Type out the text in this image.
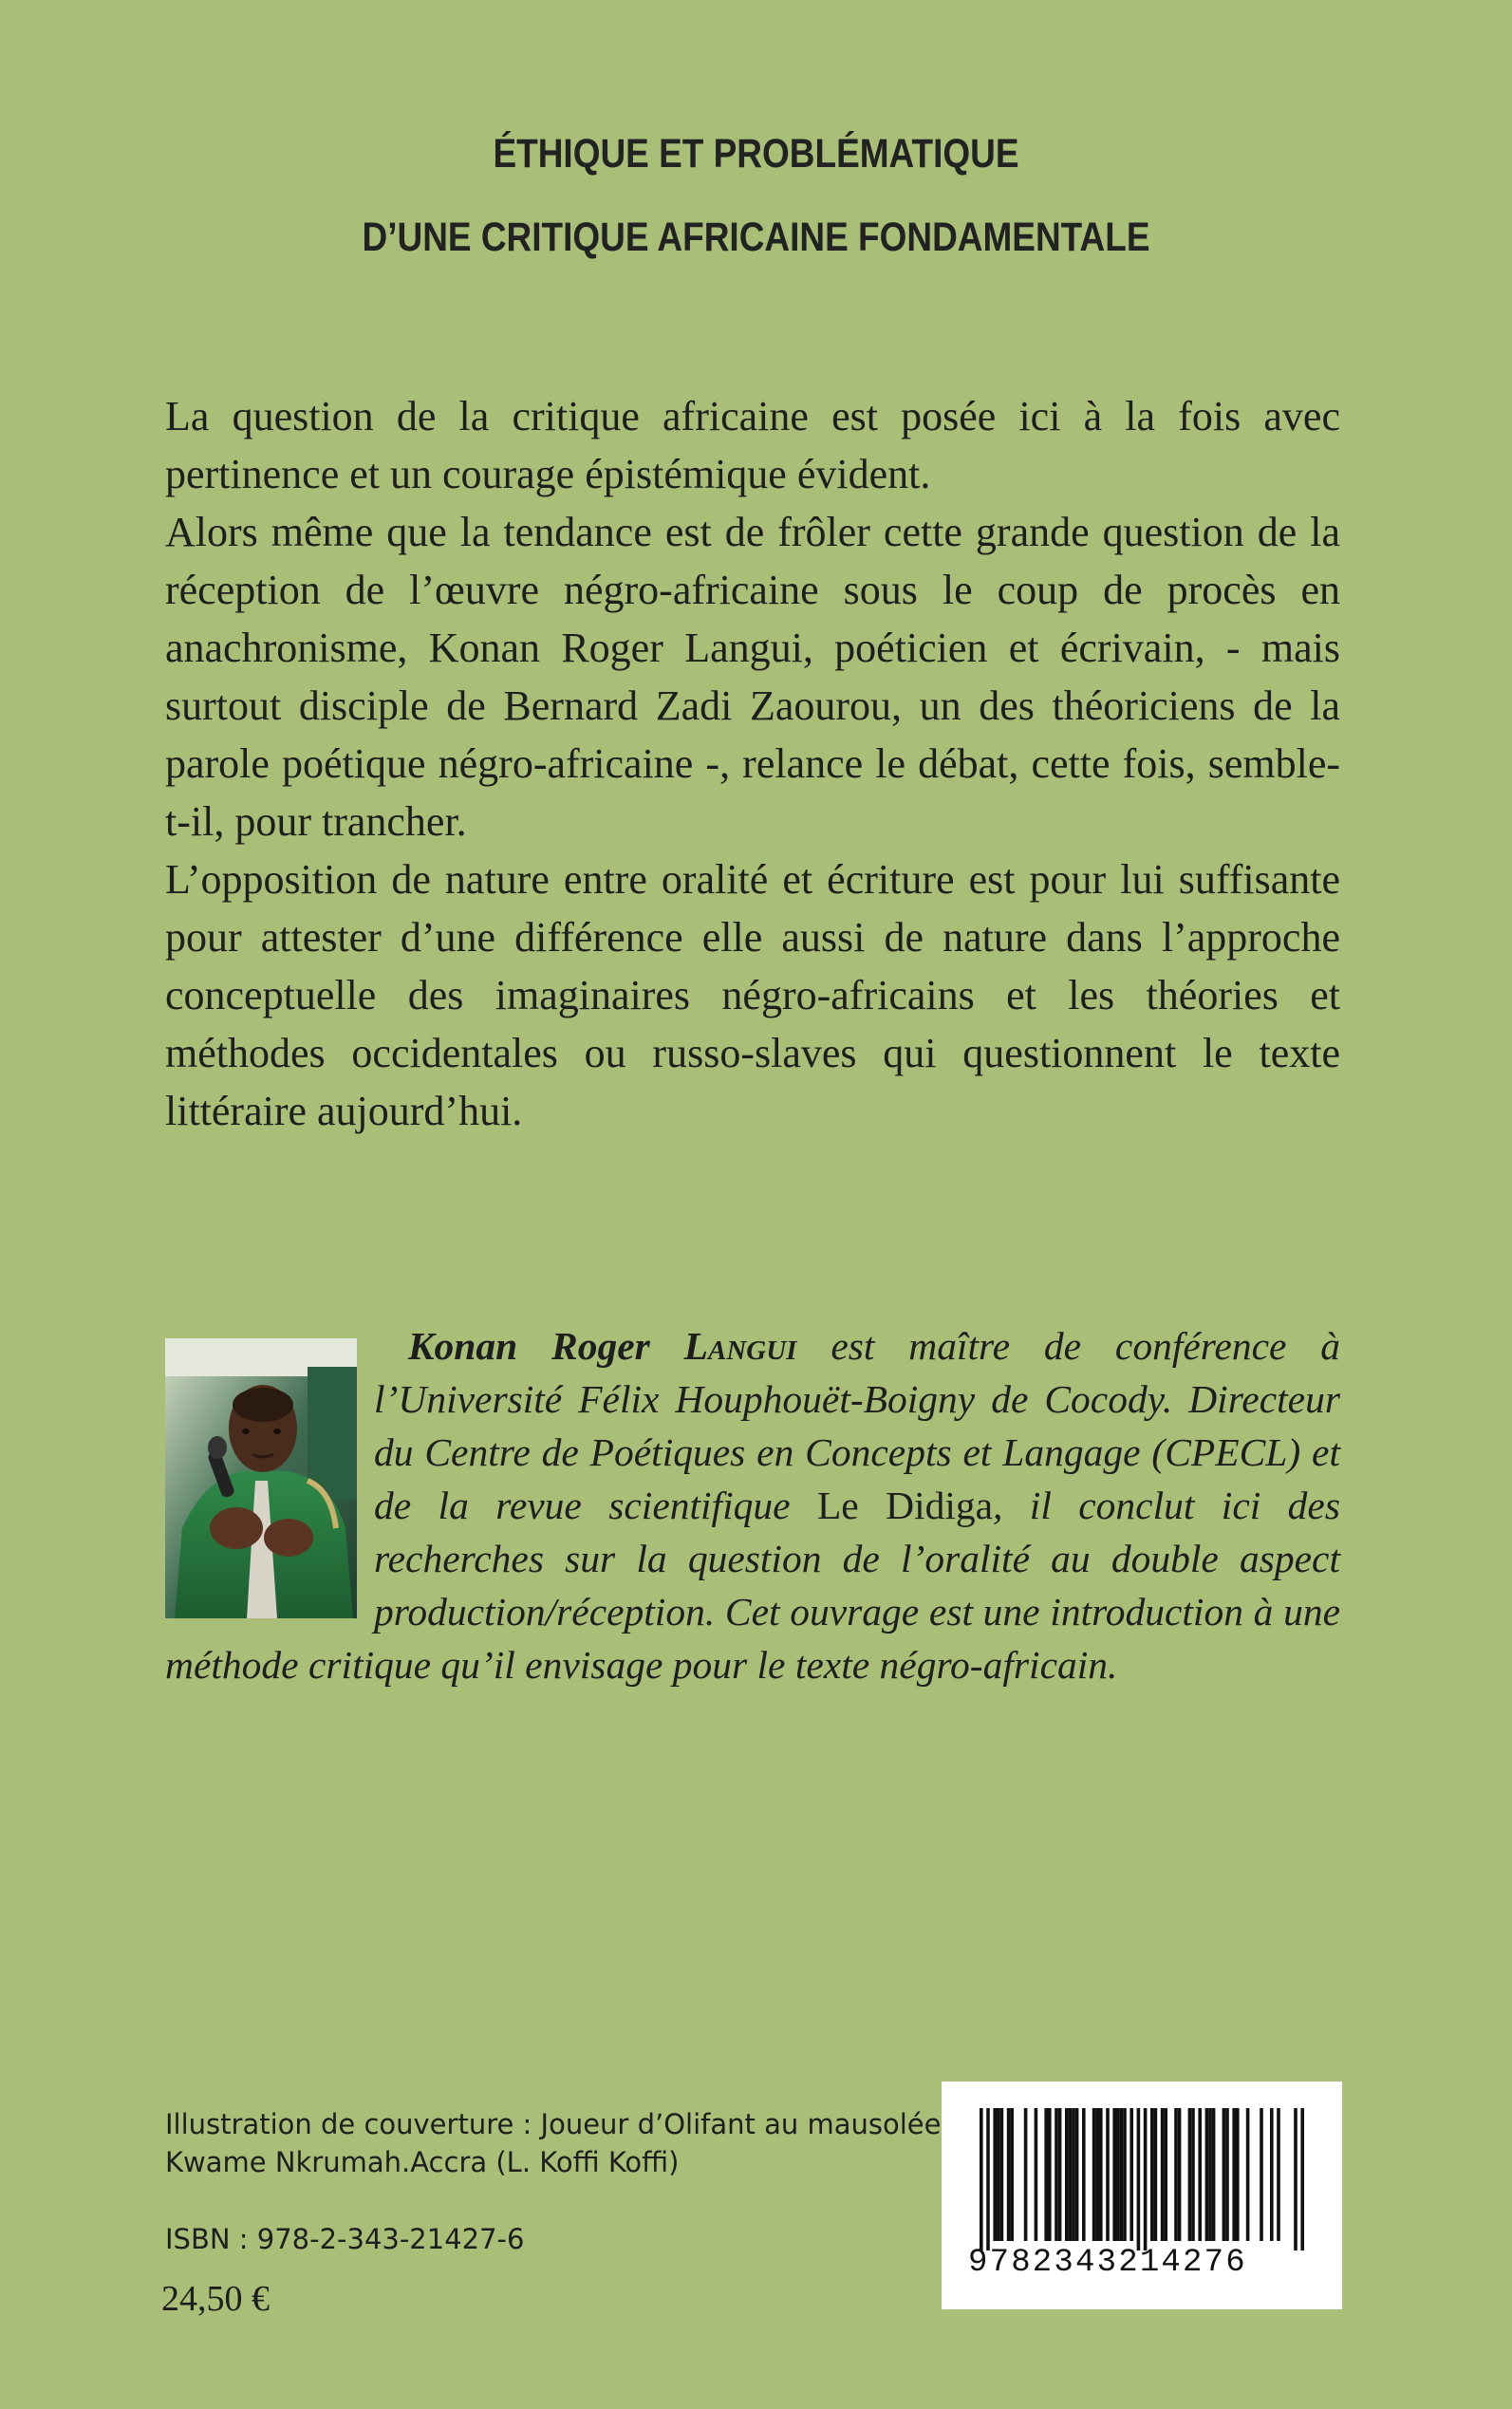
ÉTHIQUE ET PROBLÉMATIQUE
D’UNE CRITIQUE AFRICAINE FONDAMENTALE

La question de la critique africaine est posée ici à la fois avec pertinence et un courage épistémique évident.

Alors même que la tendance est de frôler cette grande question de la réception de l’œuvre négro-africaine sous le coup de procès en anachronisme, Konan Roger Langui, poéticien et écrivain, - mais surtout disciple de Bernard Zadi Zaourou, un des théoriciens de la parole poétique négro-africaine -, relance le débat, cette fois, semble-t-il, pour trancher.

L’opposition de nature entre oralité et écriture est pour lui suffisante pour attester d’une différence elle aussi de nature dans l’approche conceptuelle des imaginaires négro-africains et les théories et méthodes occidentales ou russo-slaves qui questionnent le texte littéraire aujourd’hui.

Konan Roger Langui est maître de conférence à l’Université Félix Houphouët-Boigny de Cocody. Directeur du Centre de Poétiques en Concepts et Langage (CPECL) et de la revue scientifique Le Didiga, il conclut ici des recherches sur la question de l’oralité au double aspect production/réception. Cet ouvrage est une introduction à une méthode critique qu’il envisage pour le texte négro-africain.
Illustration de couverture : Joueur d’Olifant au mausolée
Kwame Nkrumah.Accra (L. Koffi Koffi)
ISBN : 978-2-343-21427-6
24,50 €
9782343214276
